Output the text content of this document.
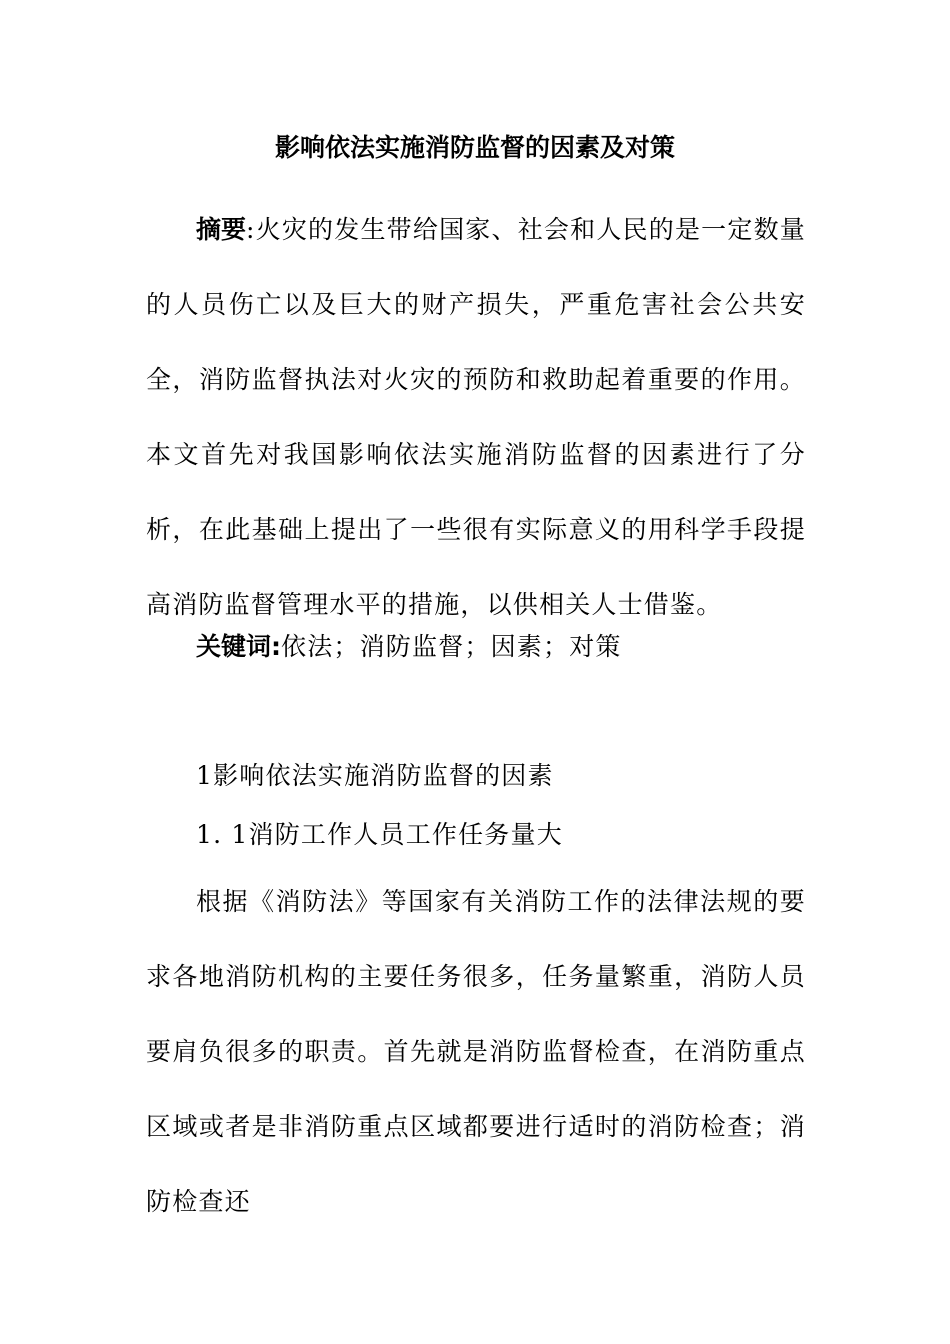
影响依法实施消防监督的因素及对策

摘要:火灾的发生带给国家、社会和人民的是一定数量的人员伤亡以及巨大的财产损失，严重危害社会公共安全，消防监督执法对火灾的预防和救助起着重要的作用。本文首先对我国影响依法实施消防监督的因素进行了分析，在此基础上提出了一些很有实际意义的用科学手段提高消防监督管理水平的措施，以供相关人士借鉴。

关键词:依法；消防监督；因素；对策

1影响依法实施消防监督的因素

1. 1消防工作人员工作任务量大

根据《消防法》等国家有关消防工作的法律法规的要求各地消防机构的主要任务很多，任务量繁重，消防人员要肩负很多的职责。首先就是消防监督检查，在消防重点区域或者是非消防重点区域都要进行适时的消防检查；消防检查还
